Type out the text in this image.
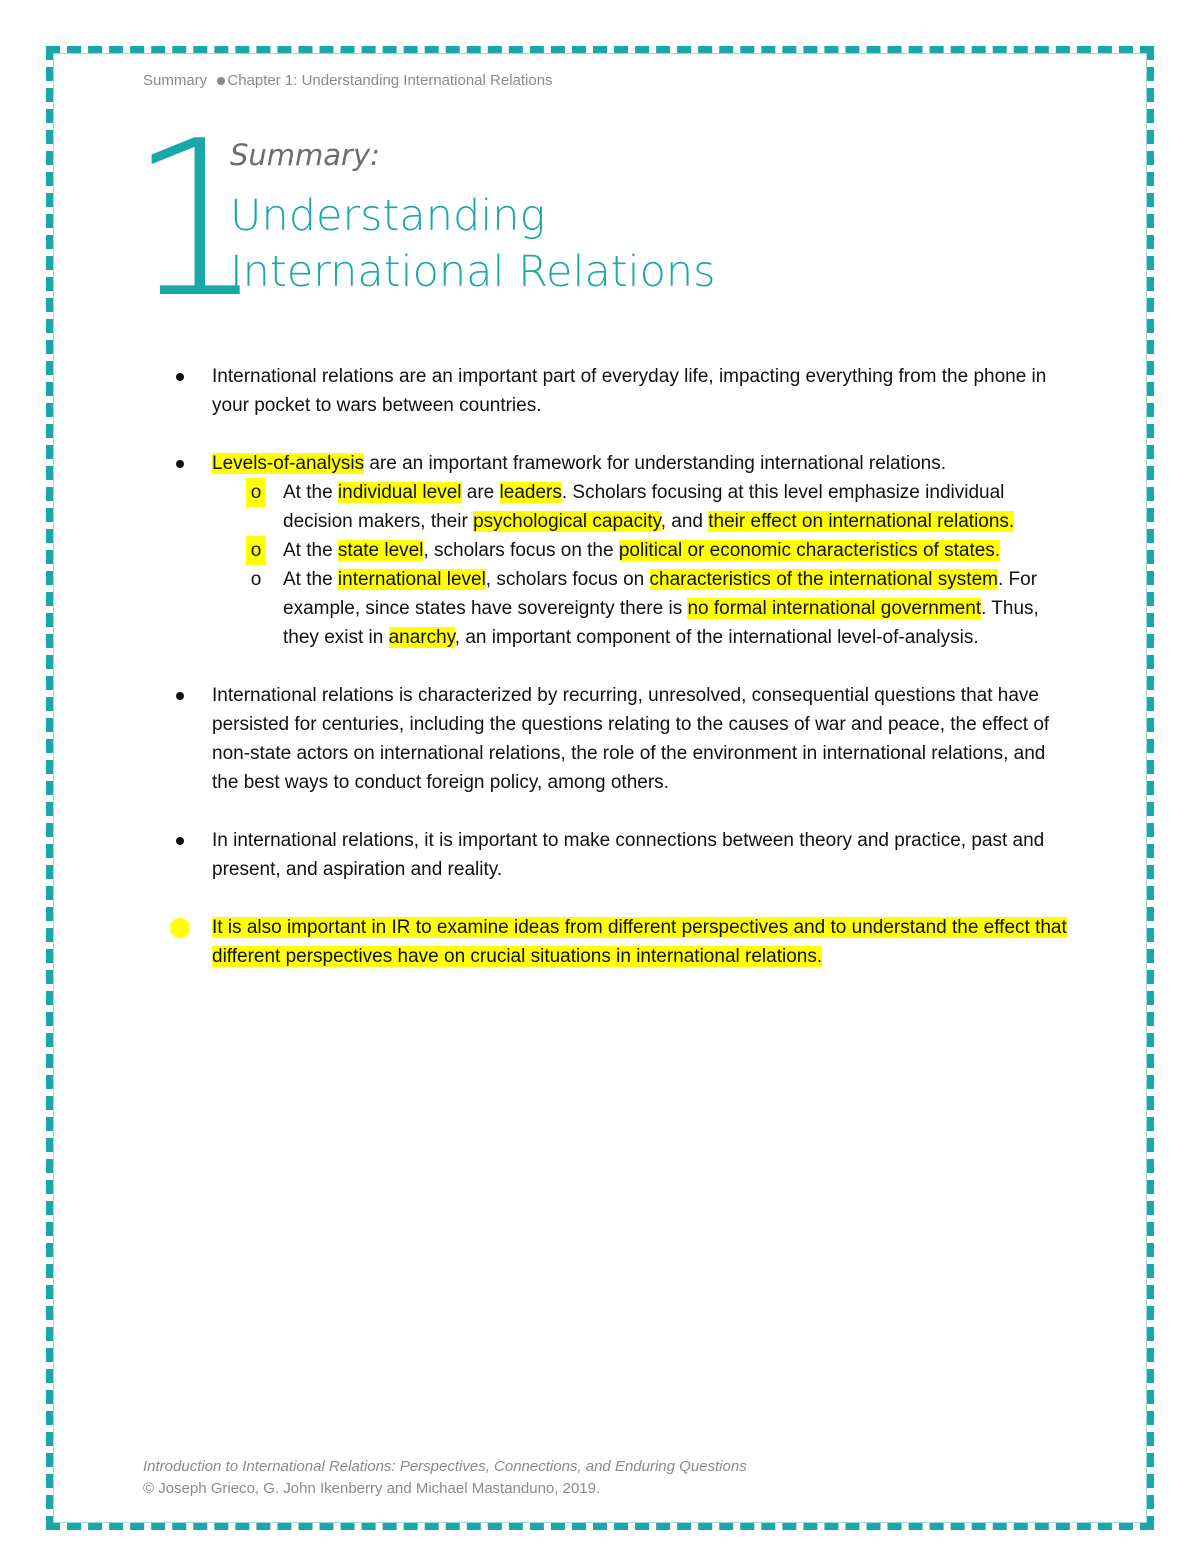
Summary Chapter 1: Understanding International Relations
1
Summary:
Understanding
International Relations
International relations are an important part of everyday life, impacting everything from the phone in your pocket to wars between countries.
Levels-of-analysis are an important framework for understanding international relations.
o At the individual level are leaders. Scholars focusing at this level emphasize individual decision makers, their psychological capacity, and their effect on international relations.
o At the state level, scholars focus on the political or economic characteristics of states.
o At the international level, scholars focus on characteristics of the international system. For example, since states have sovereignty there is no formal international government. Thus, they exist in anarchy, an important component of the international level-of-analysis.
International relations is characterized by recurring, unresolved, consequential questions that have persisted for centuries, including the questions relating to the causes of war and peace, the effect of non-state actors on international relations, the role of the environment in international relations, and the best ways to conduct foreign policy, among others.
In international relations, it is important to make connections between theory and practice, past and present, and aspiration and reality.
It is also important in IR to examine ideas from different perspectives and to understand the effect that different perspectives have on crucial situations in international relations.
Introduction to International Relations: Perspectives, Connections, and Enduring Questions
© Joseph Grieco, G. John Ikenberry and Michael Mastanduno, 2019.
